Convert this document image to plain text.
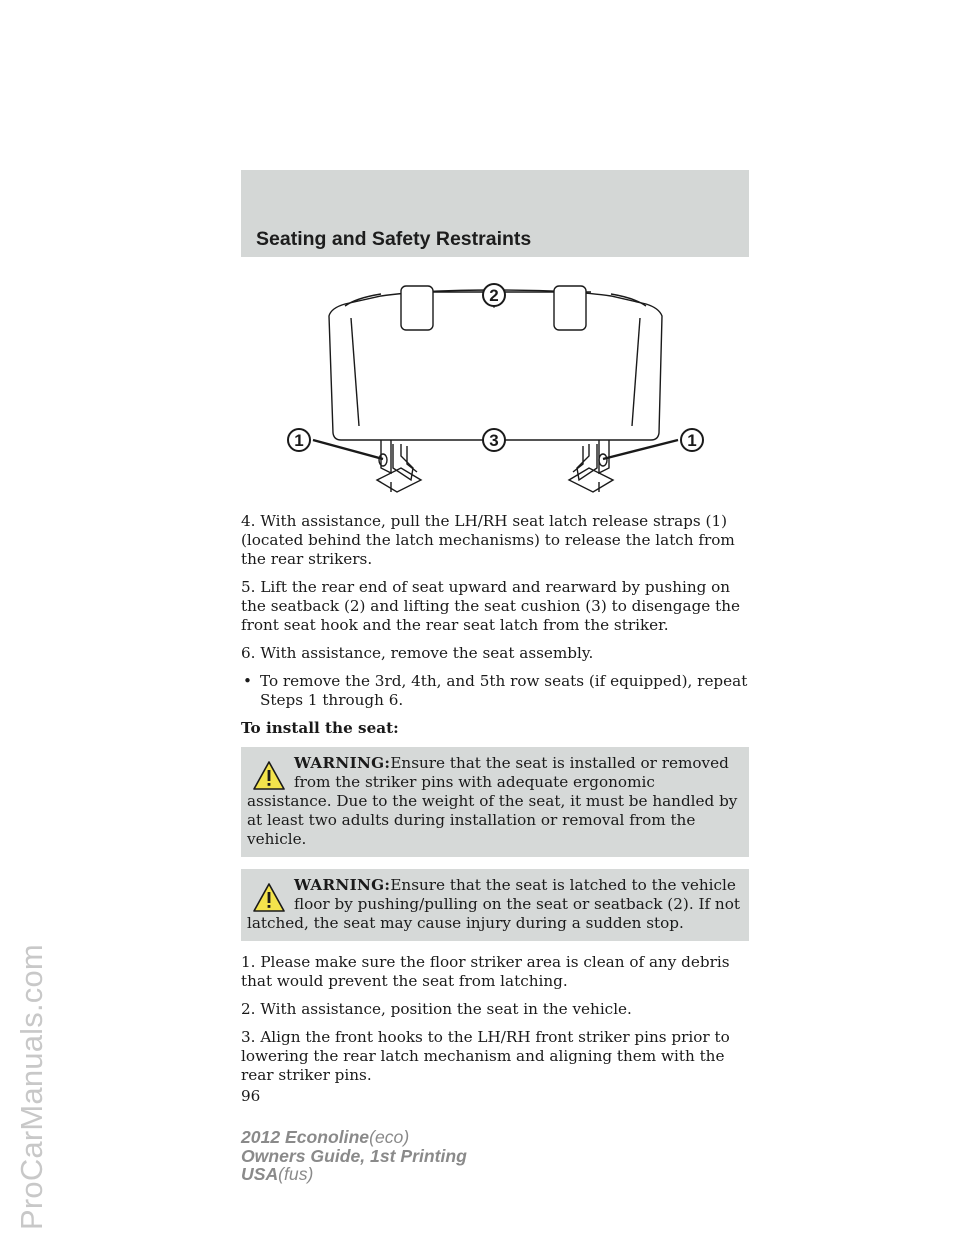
ProCarManuals.com
Seating and Safety Restraints
2
1	3	1

4. With assistance, pull the LH/RH seat latch release straps (1) (located behind the latch mechanisms) to release the latch from the rear strikers.

5. Lift the rear end of seat upward and rearward by pushing on the seatback (2) and lifting the seat cushion (3) to disengage the front seat hook and the rear seat latch from the striker.

6. With assistance, remove the seat assembly.

• To remove the 3rd, 4th, and 5th row seats (if equipped), repeat Steps 1 through 6.

To install the seat:

WARNING:Ensure that the seat is installed or removed from the striker pins with adequate ergonomic assistance. Due to the weight of the seat, it must be handled by at least two adults during installation or removal from the vehicle.
WARNING:Ensure that the seat is latched to the vehicle floor by pushing/pulling on the seat or seatback (2). If not latched, the seat may cause injury during a sudden stop.

1. Please make sure the floor striker area is clean of any debris that would prevent the seat from latching.

2. With assistance, position the seat in the vehicle.

3. Align the front hooks to the LH/RH front striker pins prior to lowering the rear latch mechanism and aligning them with the rear striker pins.

96
2012 Econoline(eco)
Owners Guide, 1st Printing
USA(fus)
